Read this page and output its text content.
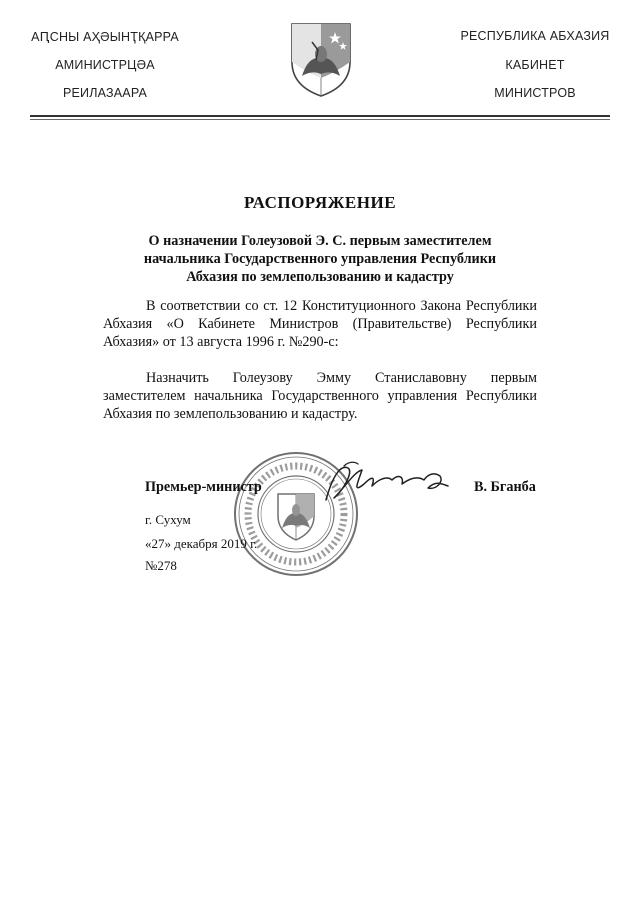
АԤСНЫ АҲӘЫНҬҚАРРА
АМИНИСТРЦӘА
РЕИЛАЗААРА
РЕСПУБЛИКА АБХАЗИЯ
КАБИНЕТ
МИНИСТРОВ
РАСПОРЯЖЕНИЕ
О назначении Голеузовой Э. С. первым заместителем
начальника Государственного управления Республики
Абхазия по землепользованию и кадастру
В соответствии со ст. 12 Конституционного Закона Республики Абхазия «О Кабинете Министров (Правительстве) Республики Абхазия» от 13 августа 1996 г. №290-с:
Назначить Голеузову Эмму Станиславовну первым заместителем начальника Государственного управления Республики Абхазия по землепользованию и кадастру.
Премьер-министр	В. Бганба
г. Сухум
«27» декабря 2019 г.
№278
